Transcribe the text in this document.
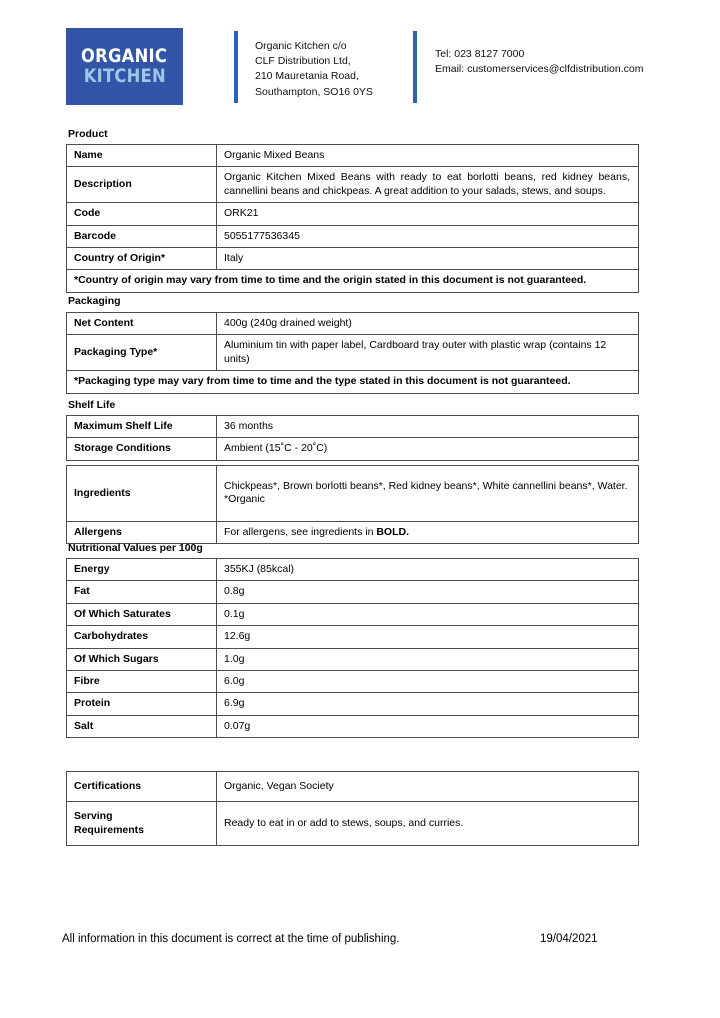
ORGANIC
KITCHEN
Organic Kitchen c/o
CLF Distribution Ltd,
210 Mauretania Road,
Southampton, SO16 0YS
Tel: 023 8127 7000
Email: customerservices@clfdistribution.com
Product
Name	Organic Mixed Beans
Description	Organic Kitchen Mixed Beans with ready to eat borlotti beans, red kidney beans, cannellini beans and chickpeas. A great addition to your salads, stews, and soups.
Code	ORK21
Barcode	5055177536345
Country of Origin*	Italy
*Country of origin may vary from time to time and the origin stated in this document is not guaranteed.	
Packaging
Net Content	400g (240g drained weight)
Packaging Type*	Aluminium tin with paper label, Cardboard tray outer with plastic wrap (contains 12 units)
*Packaging type may vary from time to time and the type stated in this document is not guaranteed.	
Shelf Life
Maximum Shelf Life	36 months
Storage Conditions	Ambient (15˚C - 20˚C)
Ingredients	Chickpeas*, Brown borlotti beans*, Red kidney beans*, White cannellini beans*, Water. *Organic
Allergens	For allergens, see ingredients in BOLD.
Nutritional Values per 100g
Energy	355KJ (85kcal)
Fat	0.8g
Of Which Saturates	0.1g
Carbohydrates	12.6g
Of Which Sugars	1.0g
Fibre	6.0g
Protein	6.9g
Salt	0.07g
Certifications	Organic, Vegan Society
Serving
Requirements	Ready to eat in or add to stews, soups, and curries.
All information in this document is correct at the time of publishing.	19/04/2021
